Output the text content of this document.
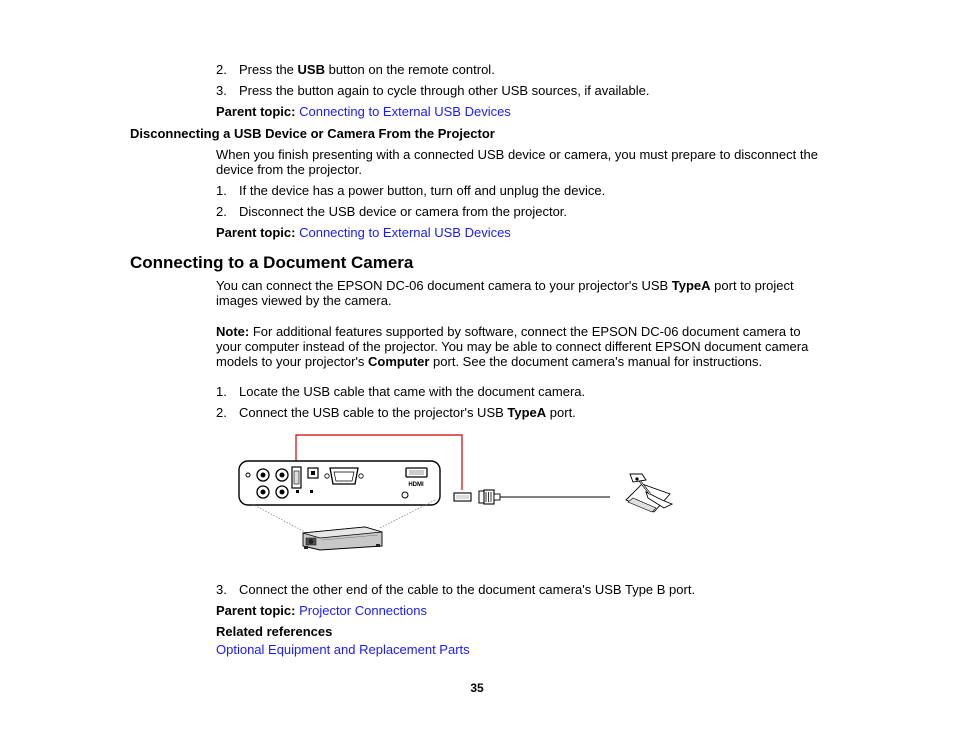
2. Press the USB button on the remote control.
3. Press the button again to cycle through other USB sources, if available.
Parent topic: Connecting to External USB Devices
Disconnecting a USB Device or Camera From the Projector
When you finish presenting with a connected USB device or camera, you must prepare to disconnect the device from the projector.
1. If the device has a power button, turn off and unplug the device.
2. Disconnect the USB device or camera from the projector.
Parent topic: Connecting to External USB Devices
Connecting to a Document Camera
You can connect the EPSON DC-06 document camera to your projector's USB TypeA port to project images viewed by the camera.
Note: For additional features supported by software, connect the EPSON DC-06 document camera to your computer instead of the projector. You may be able to connect different EPSON document camera models to your projector's Computer port. See the document camera's manual for instructions.
1. Locate the USB cable that came with the document camera.
2. Connect the USB cable to the projector's USB TypeA port.
HDMI
3. Connect the other end of the cable to the document camera's USB Type B port.
Parent topic: Projector Connections
Related references
Optional Equipment and Replacement Parts
35
